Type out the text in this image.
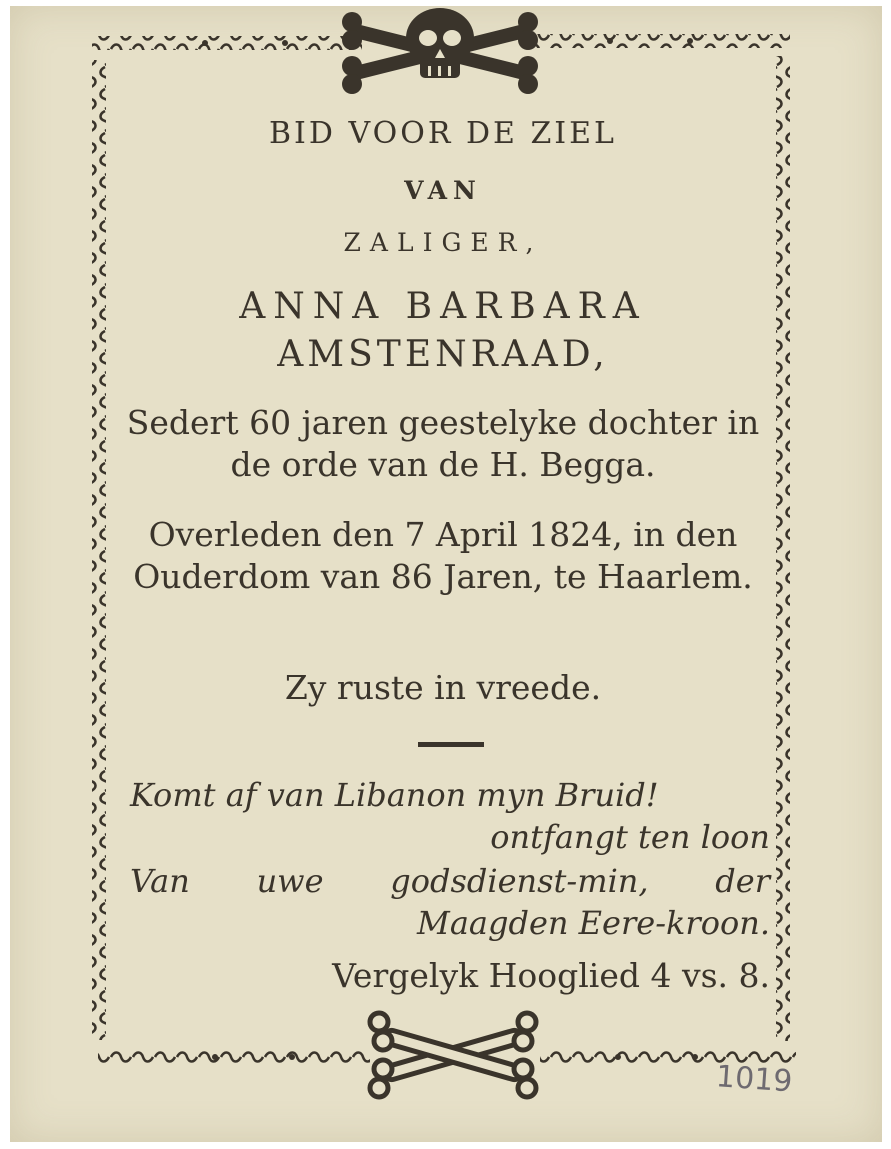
BID VOOR DE ZIEL
VAN
ZALIGER,
ANNA BARBARA
AMSTENRAAD,
Sedert 60 jaren geestelyke dochter in de orde van de H. Begga.
Overleden den 7 April 1824, in den Ouderdom van 86 Jaren, te Haarlem.
Zy ruste in vreede.
Komt af van Libanon myn Bruid!
ontfangt ten loon
Van uwe godsdienst-min, der
Maagden Eere-kroon.
Vergelyk Hooglied 4 vs. 8.
1019
